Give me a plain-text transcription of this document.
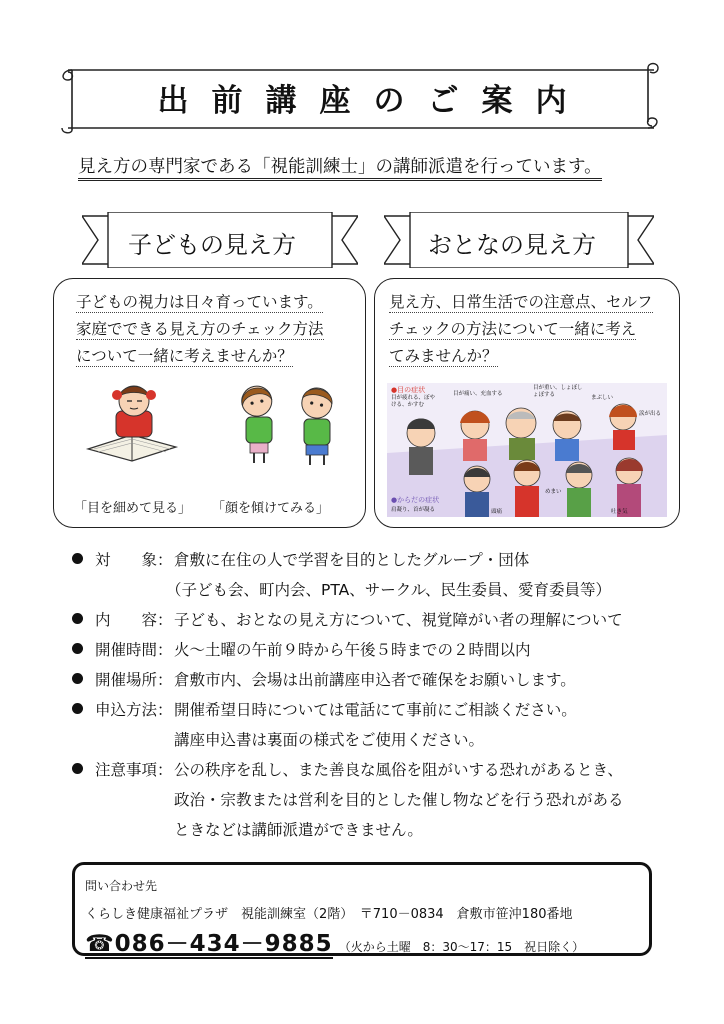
出前講座のご案内
見え方の専門家である「視能訓練士」の講師派遣を行っています。
子どもの見え方	おとなの見え方
子どもの視力は日々育っています。
家庭でできる見え方のチェック方法
について一緒に考えませんか？
「目を細めて見る」 「顔を傾けてみる」
見え方、日常生活での注意点、セルフ
チェックの方法について一緒に考え
てみませんか？
●目の症状
目が疲れる、ぼやける、かすむ
目が痛い、充血する
目が重い、しょぼしょぼする	まぶしい
涙が出る
●からだの症状
肩凝り、首が凝る	頭痛
めまい
吐き気
対　　象： 倉敷に在住の人で学習を目的としたグループ・団体
（子ども会、町内会、PTA、サークル、民生委員、愛育委員等）
内　　容： 子ども、おとなの見え方について、視覚障がい者の理解について
開催時間： 火～土曜の午前９時から午後５時までの２時間以内
開催場所： 倉敷市内、会場は出前講座申込者で確保をお願いします。
申込方法： 開催希望日時については電話にて事前にご相談ください。
講座申込書は裏面の様式をご使用ください。
注意事項： 公の秩序を乱し、また善良な風俗を阻がいする恐れがあるとき、
政治・宗教または営利を目的とした催し物などを行う恐れがある
ときなどは講師派遣ができません。
問い合わせ先
くらしき健康福祉プラザ　視能訓練室（2階）　〒710－0834　倉敷市笹沖180番地
☎086－434－9885 （火から土曜　8：30～17：15　祝日除く）
